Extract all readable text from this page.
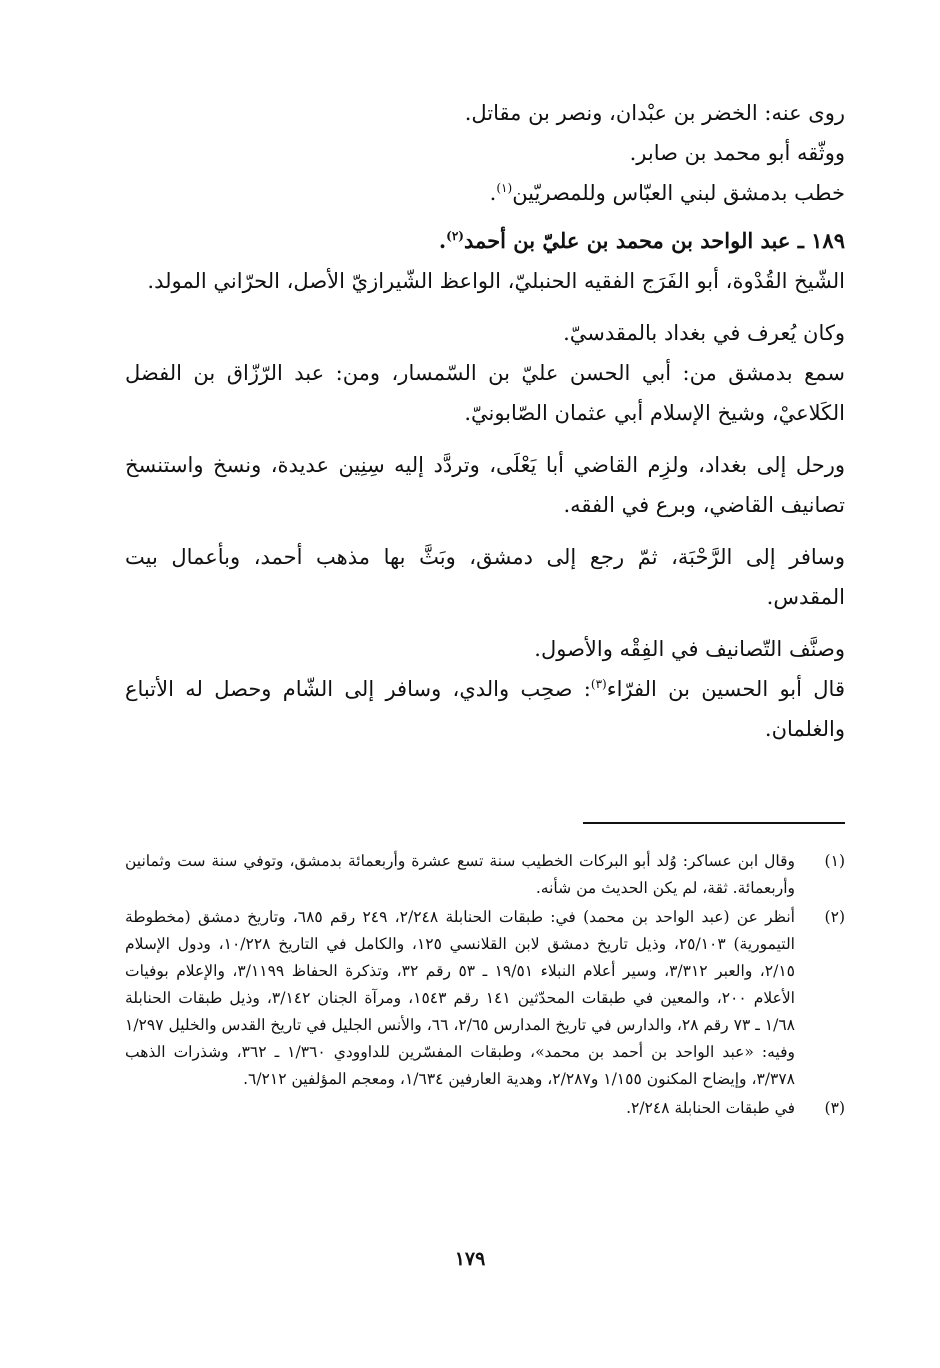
روى عنه: الخضر بن عبْدان، ونصر بن مقاتل.

ووثّقه أبو محمد بن صابر.

خطب بدمشق لبني العبّاس وللمصريّين$^{(١)}$.

١٨٩ ـ عبد الواحد بن محمد بن عليّ بن أحمد$^{(٢)}$.

الشّيخ القُدْوة، أبو الفَرَج الفقيه الحنبليّ، الواعظ الشّيرازيّ الأصل، الحرّاني المولد.

وكان يُعرف في بغداد بالمقدسيّ.

سمع بدمشق من: أبي الحسن عليّ بن السّمسار، ومن: عبد الرّزّاق بن الفضل الكَلاعيْ، وشيخ الإسلام أبي عثمان الصّابونيّ.

ورحل إلى بغداد، ولزِم القاضي أبا يَعْلَى، وتردَّد إليه سِنِين عديدة، ونسخ واستنسخ تصانيف القاضي، وبرع في الفقه.

وسافر إلى الرَّحْبَة، ثمّ رجع إلى دمشق، وبَثَّ بها مذهب أحمد، وبأعمال بيت المقدس.

وصنَّف التّصانيف في الفِقْه والأصول.

قال أبو الحسين بن الفرّاء$^{(٣)}$: صحِب والدي، وسافر إلى الشّام وحصل له الأتباع والغلمان.

(١)
وقال ابن عساكر: وُلد أبو البركات الخطيب سنة تسع عشرة وأربعمائة بدمشق، وتوفي سنة ست وثمانين وأربعمائة. ثقة، لم يكن الحديث من شأنه.
(٢)
أنظر عن (عبد الواحد بن محمد) في: طبقات الحنابلة ٢/٢٤٨، ٢٤٩ رقم ٦٨٥، وتاريخ دمشق (مخطوطة التيمورية) ٢٥/١٠٣، وذيل تاريخ دمشق لابن القلانسي ١٢٥، والكامل في التاريخ ١٠/٢٢٨، ودول الإسلام ٢/١٥، والعبر ٣/٣١٢، وسير أعلام النبلاء ١٩/٥١ ـ ٥٣ رقم ٣٢، وتذكرة الحفاظ ٣/١١٩٩، والإعلام بوفيات الأعلام ٢٠٠، والمعين في طبقات المحدّثين ١٤١ رقم ١٥٤٣، ومرآة الجنان ٣/١٤٢، وذيل طبقات الحنابلة ١/٦٨ ـ ٧٣ رقم ٢٨، والدارس في تاريخ المدارس ٢/٦٥، ٦٦، والأنس الجليل في تاريخ القدس والخليل ١/٢٩٧ وفيه: «عبد الواحد بن أحمد بن محمد»، وطبقات المفسّرين للداوودي ١/٣٦٠ ـ ٣٦٢، وشذرات الذهب ٣/٣٧٨، وإيضاح المكنون ١/١٥٥ و٢/٢٨٧، وهدية العارفين ١/٦٣٤، ومعجم المؤلفين ٦/٢١٢.
(٣)
في طبقات الحنابلة ٢/٢٤٨.
١٧٩
